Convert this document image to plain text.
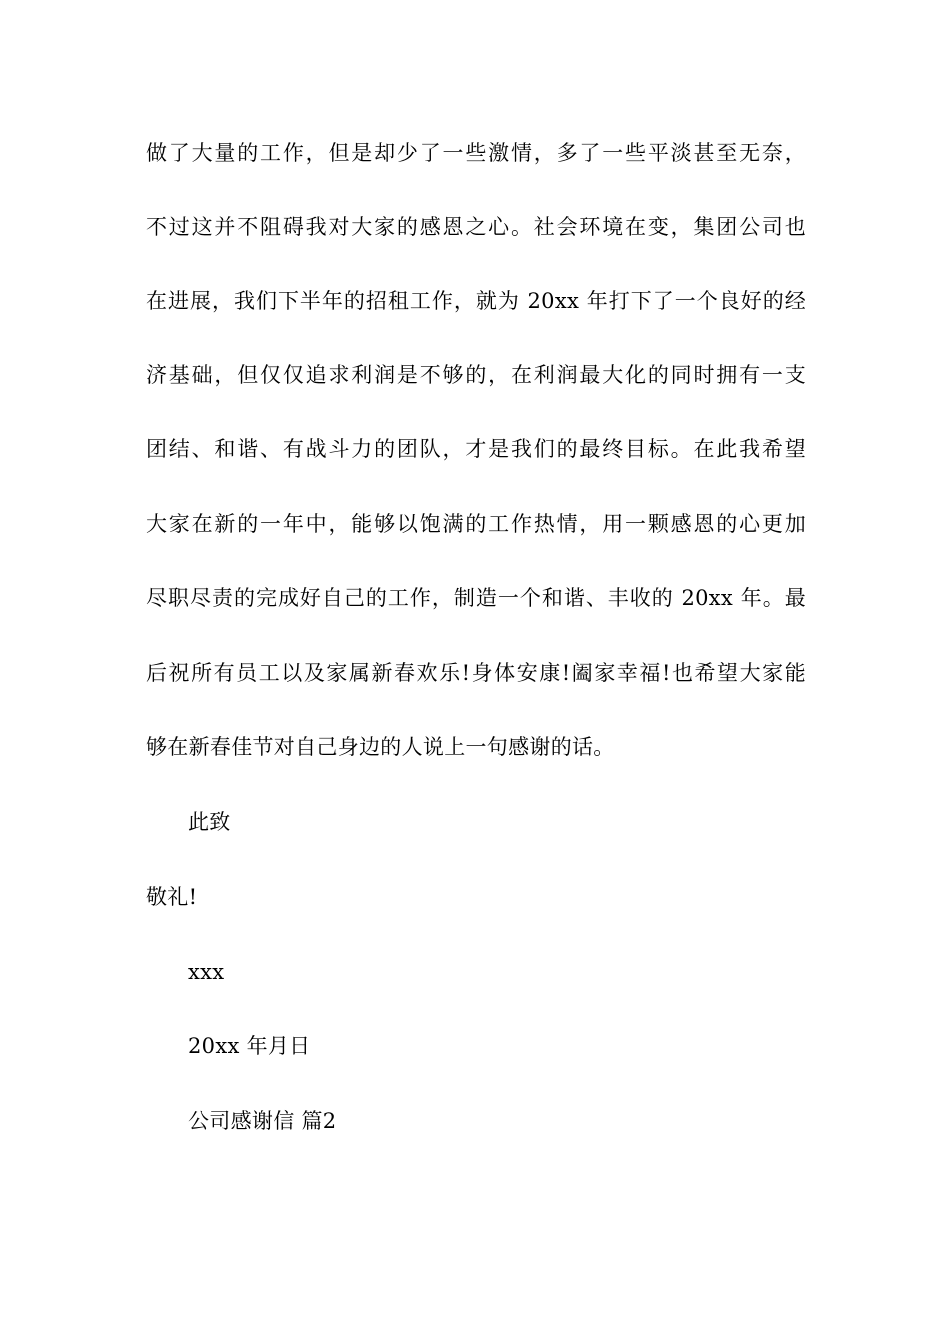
做了大量的工作，但是却少了一些激情，多了一些平淡甚至无奈，
不过这并不阻碍我对大家的感恩之心。社会环境在变，集团公司也
在进展，我们下半年的招租工作，就为 20xx 年打下了一个良好的经
济基础，但仅仅追求利润是不够的，在利润最大化的同时拥有一支
团结、和谐、有战斗力的团队，才是我们的最终目标。在此我希望
大家在新的一年中，能够以饱满的工作热情，用一颗感恩的心更加
尽职尽责的完成好自己的工作，制造一个和谐、丰收的 20xx 年。最
后祝所有员工以及家属新春欢乐!身体安康!阖家幸福!也希望大家能
够在新春佳节对自己身边的人说上一句感谢的话。
此致
敬礼!
xxx
20xx 年月日
公司感谢信 篇2
